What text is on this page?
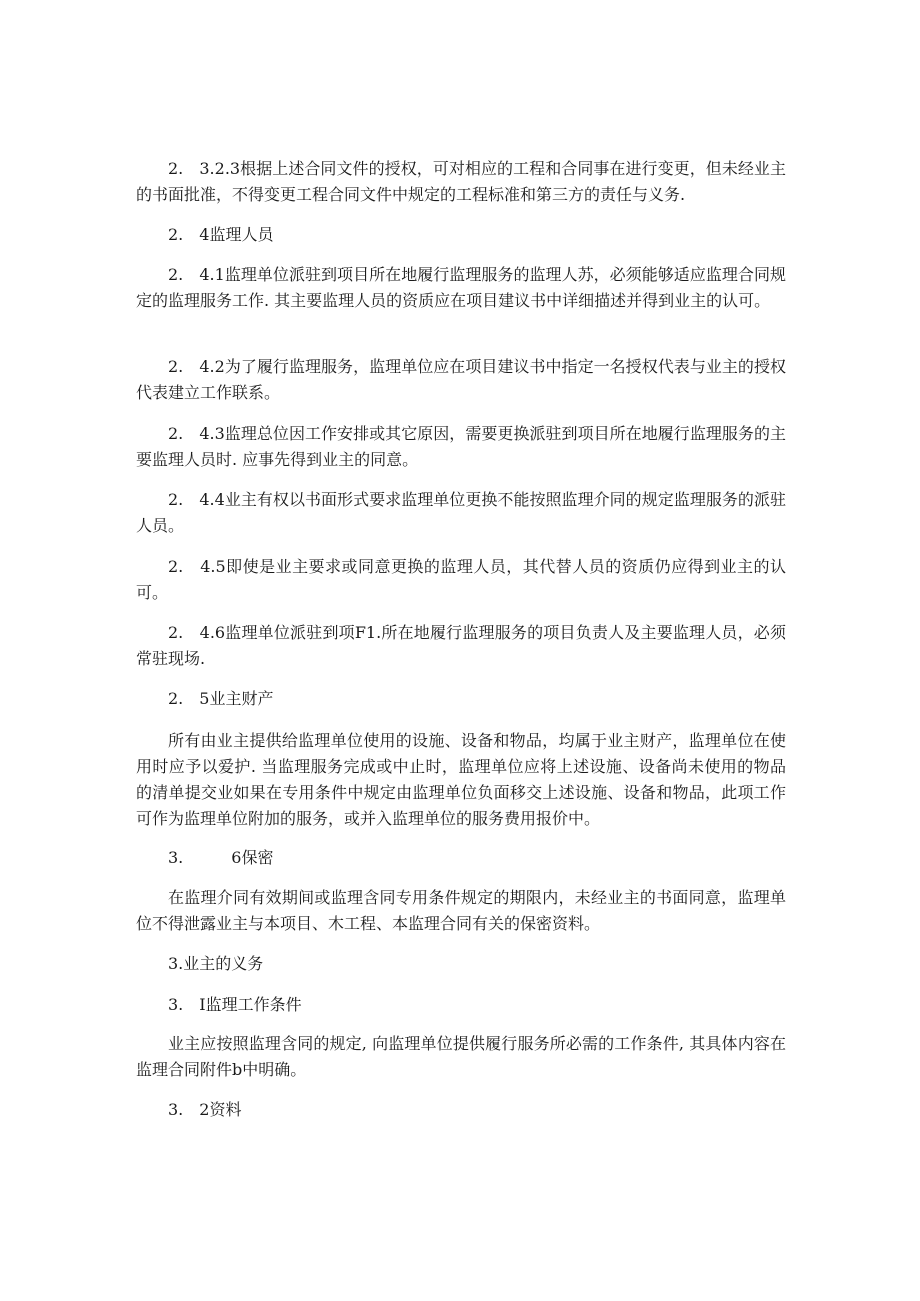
2.　3.2.3根据上述合同文件的授权，可对相应的工程和合同事在进行变更，但未经业主的书面批准，不得变更工程合同文件中规定的工程标准和第三方的责任与义务.

2.　4监理人员

2.　4.1监理单位派驻到项目所在地履行监理服务的监理人苏，必须能够适应监理合同规定的监理服务工作. 其主要监理人员的资质应在项目建议书中详细描述并得到业主的认可。

2.　4.2为了履行监理服务，监理单位应在项目建议书中指定一名授权代表与业主的授权代表建立工作联系。

2.　4.3监理总位因工作安排或其它原因，需要更换派驻到项目所在地履行监理服务的主要监理人员时. 应事先得到业主的同意。

2.　4.4业主有权以书面形式要求监理单位更换不能按照监理介同的规定监理服务的派驻人员。

2.　4.5即使是业主要求或同意更换的监理人员，其代替人员的资质仍应得到业主的认可。

2.　4.6监理单位派驻到项F1.所在地履行监理服务的项目负责人及主要监理人员，必须常驻现场.

2.　5业主财产

所有由业主提供给监理单位使用的设施、设备和物品，均属于业主财产，监理单位在使用时应予以爱护. 当监理服务完成或中止时，监理单位应将上述设施、设备尚未使用的物品的清单提交业如果在专用条件中规定由监理单位负面移交上述设施、设备和物品，此项工作可作为监理单位附加的服务，或并入监理单位的服务费用报价中。

3.　　　6保密

在监理介同有效期间或监理含同专用条件规定的期限内，未经业主的书面同意，监理单位不得泄露业主与本项目、木工程、本监理合同有关的保密资料。

3.业主的义务

3.　I监理工作条件

业主应按照监理含同的规定, 向监理单位提供履行服务所必需的工作条件, 其具体内容在监理合同附件b中明确。

3.　2资料
